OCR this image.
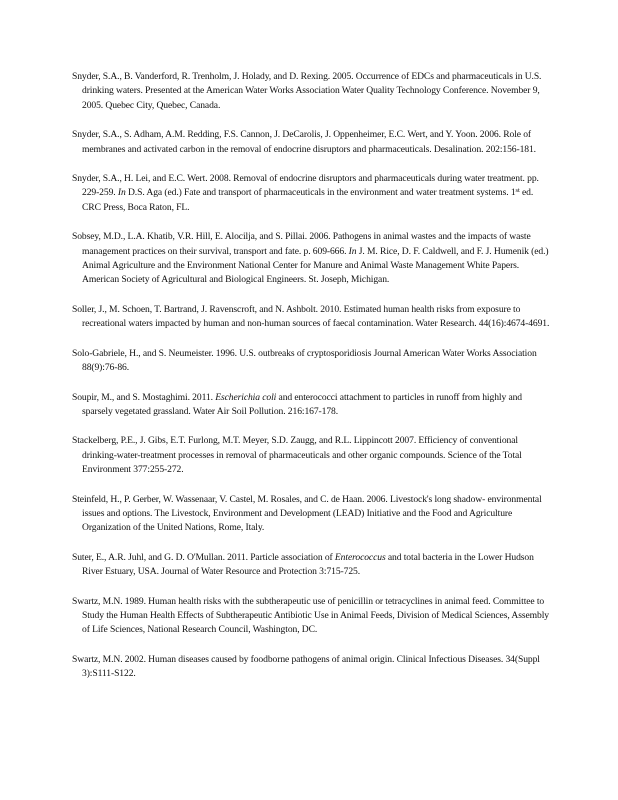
Snyder, S.A., B. Vanderford, R. Trenholm, J. Holady, and D. Rexing. 2005. Occurrence of EDCs and pharmaceuticals in U.S. drinking waters. Presented at the American Water Works Association Water Quality Technology Conference. November 9, 2005. Quebec City, Quebec, Canada.

Snyder, S.A., S. Adham, A.M. Redding, F.S. Cannon, J. DeCarolis, J. Oppenheimer, E.C. Wert, and Y. Yoon. 2006. Role of membranes and activated carbon in the removal of endocrine disruptors and pharmaceuticals. Desalination. 202:156-181.

Snyder, S.A., H. Lei, and E.C. Wert. 2008. Removal of endocrine disruptors and pharmaceuticals during water treatment. pp. 229-259. In D.S. Aga (ed.) Fate and transport of pharmaceuticals in the environment and water treatment systems. 1st ed. CRC Press, Boca Raton, FL.

Sobsey, M.D., L.A. Khatib, V.R. Hill, E. Alocilja, and S. Pillai. 2006. Pathogens in animal wastes and the impacts of waste management practices on their survival, transport and fate. p. 609-666. In J. M. Rice, D. F. Caldwell, and F. J. Humenik (ed.) Animal Agriculture and the Environment National Center for Manure and Animal Waste Management White Papers. American Society of Agricultural and Biological Engineers. St. Joseph, Michigan.

Soller, J., M. Schoen, T. Bartrand, J. Ravenscroft, and N. Ashbolt. 2010. Estimated human health risks from exposure to recreational waters impacted by human and non-human sources of faecal contamination. Water Research. 44(16):4674-4691.

Solo-Gabriele, H., and S. Neumeister. 1996. U.S. outbreaks of cryptosporidiosis Journal American Water Works Association 88(9):76-86.

Soupir, M., and S. Mostaghimi. 2011. Escherichia coli and enterococci attachment to particles in runoff from highly and sparsely vegetated grassland. Water Air Soil Pollution. 216:167-178.

Stackelberg, P.E., J. Gibs, E.T. Furlong, M.T. Meyer, S.D. Zaugg, and R.L. Lippincott 2007. Efficiency of conventional drinking-water-treatment processes in removal of pharmaceuticals and other organic compounds. Science of the Total Environment 377:255-272.

Steinfeld, H., P. Gerber, W. Wassenaar, V. Castel, M. Rosales, and C. de Haan. 2006. Livestock's long shadow- environmental issues and options. The Livestock, Environment and Development (LEAD) Initiative and the Food and Agriculture Organization of the United Nations, Rome, Italy.

Suter, E., A.R. Juhl, and G. D. O'Mullan. 2011. Particle association of Enterococcus and total bacteria in the Lower Hudson River Estuary, USA. Journal of Water Resource and Protection 3:715-725.

Swartz, M.N. 1989. Human health risks with the subtherapeutic use of penicillin or tetracyclines in animal feed. Committee to Study the Human Health Effects of Subtherapeutic Antibiotic Use in Animal Feeds, Division of Medical Sciences, Assembly of Life Sciences, National Research Council, Washington, DC.

Swartz, M.N. 2002. Human diseases caused by foodborne pathogens of animal origin. Clinical Infectious Diseases. 34(Suppl 3):S111-S122.
